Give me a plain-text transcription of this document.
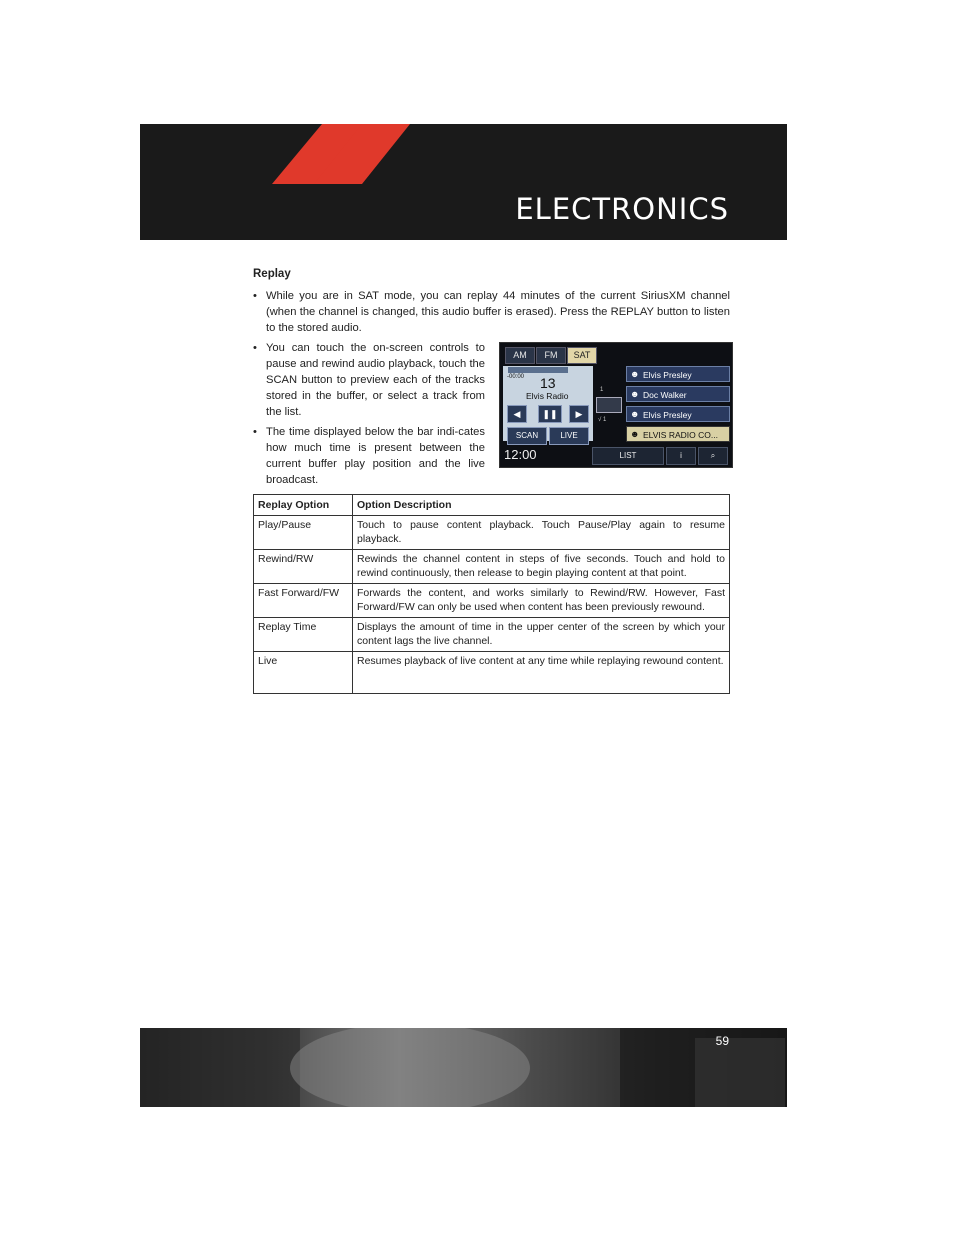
ELECTRONICS
Replay
• While you are in SAT mode, you can replay 44 minutes of the current SiriusXM channel (when the channel is changed, this audio buffer is erased). Press the REPLAY button to listen to the stored audio.
• You can touch the on-screen controls to pause and rewind audio playback, touch the SCAN button to preview each of the tracks stored in the buffer, or select a track from the list.
• The time displayed below the bar indi-cates how much time is present between the current buffer play position and the live broadcast.
AM	FM	SAT
-00:00 13
Elvis Radio
◀	❚❚	▶
SCAN	LIVE
1
√ 1
☻ Elvis Presley
☻ Doc Walker
☻ Elvis Presley
☻ ELVIS RADIO CO...
12:00	LIST	i	⌕
Replay Option	Option Description
Play/Pause	Touch to pause content playback. Touch Pause/Play again to resume playback.
Rewind/RW	Rewinds the channel content in steps of five seconds. Touch and hold to rewind continuously, then release to begin playing content at that point.
Fast Forward/FW	Forwards the content, and works similarly to Rewind/RW. However, Fast Forward/FW can only be used when content has been previously rewound.
Replay Time	Displays the amount of time in the upper center of the screen by which your content lags the live channel.
Live	Resumes playback of live content at any time while replaying rewound content.
59
